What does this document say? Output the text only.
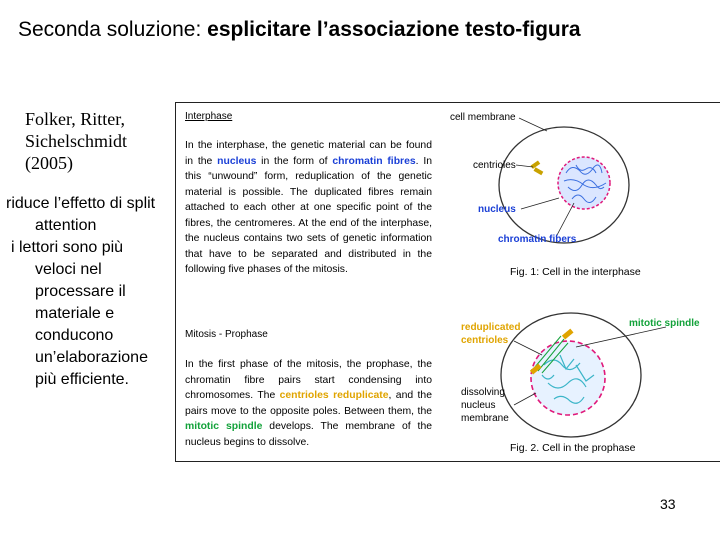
Seconda soluzione: esplicitare l’associazione testo-figura
Folker, Ritter,
Sichelschmidt
(2005)
riduce l’effetto di split
attention
i lettori sono più
veloci nel
processare il
materiale e
conducono
un’elaborazione
più efficiente.
Interphase
In the interphase, the genetic material can be found in the nucleus in the form of chromatin fibres. In this “unwound” form, reduplication of the genetic material is possible. The duplicated fibres remain attached to each other at one specific point of the fibres, the centromeres. At the end of the interphase, the nucleus contains two sets of genetic information that have to be separated and distributed in the following five phases of the mitosis.
Mitosis - Prophase
In the first phase of the mitosis, the prophase, the chromatin fibre pairs start condensing into chromosomes. The centrioles reduplicate, and the pairs move to the opposite poles. Between them, the mitotic spindle develops. The membrane of the nucleus begins to dissolve.
cell membrane
centrioles
nucleus
chromatin fibers
Fig. 1: Cell in the interphase
reduplicated
centrioles
mitotic spindle
dissolving
nucleus
membrane
Fig. 2. Cell in the prophase
33
